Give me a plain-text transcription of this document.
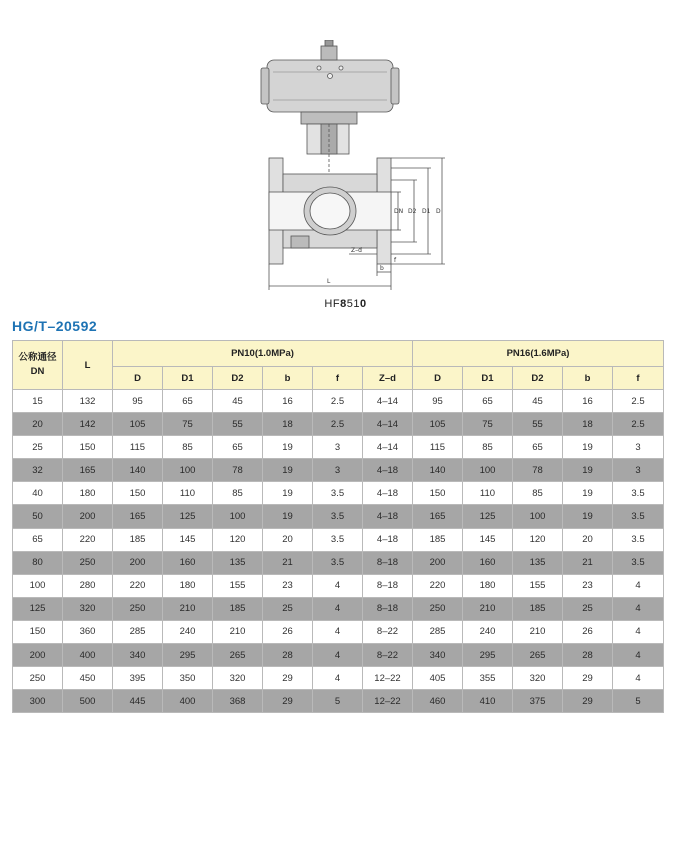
DN D2 D1 D
Z–d
b
f
L
HF8510
HG/T–20592
公称通径
DN	L	PN10(1.0MPa)						PN16(1.6MPa)				
		D	D1	D2	b	f	Z–d	D	D1	D2	b	f
15	132	95	65	45	16	2.5	4–14	95	65	45	16	2.5
20	142	105	75	55	18	2.5	4–14	105	75	55	18	2.5
25	150	115	85	65	19	3	4–14	115	85	65	19	3
32	165	140	100	78	19	3	4–18	140	100	78	19	3
40	180	150	110	85	19	3.5	4–18	150	110	85	19	3.5
50	200	165	125	100	19	3.5	4–18	165	125	100	19	3.5
65	220	185	145	120	20	3.5	4–18	185	145	120	20	3.5
80	250	200	160	135	21	3.5	8–18	200	160	135	21	3.5
100	280	220	180	155	23	4	8–18	220	180	155	23	4
125	320	250	210	185	25	4	8–18	250	210	185	25	4
150	360	285	240	210	26	4	8–22	285	240	210	26	4
200	400	340	295	265	28	4	8–22	340	295	265	28	4
250	450	395	350	320	29	4	12–22	405	355	320	29	4
300	500	445	400	368	29	5	12–22	460	410	375	29	5
